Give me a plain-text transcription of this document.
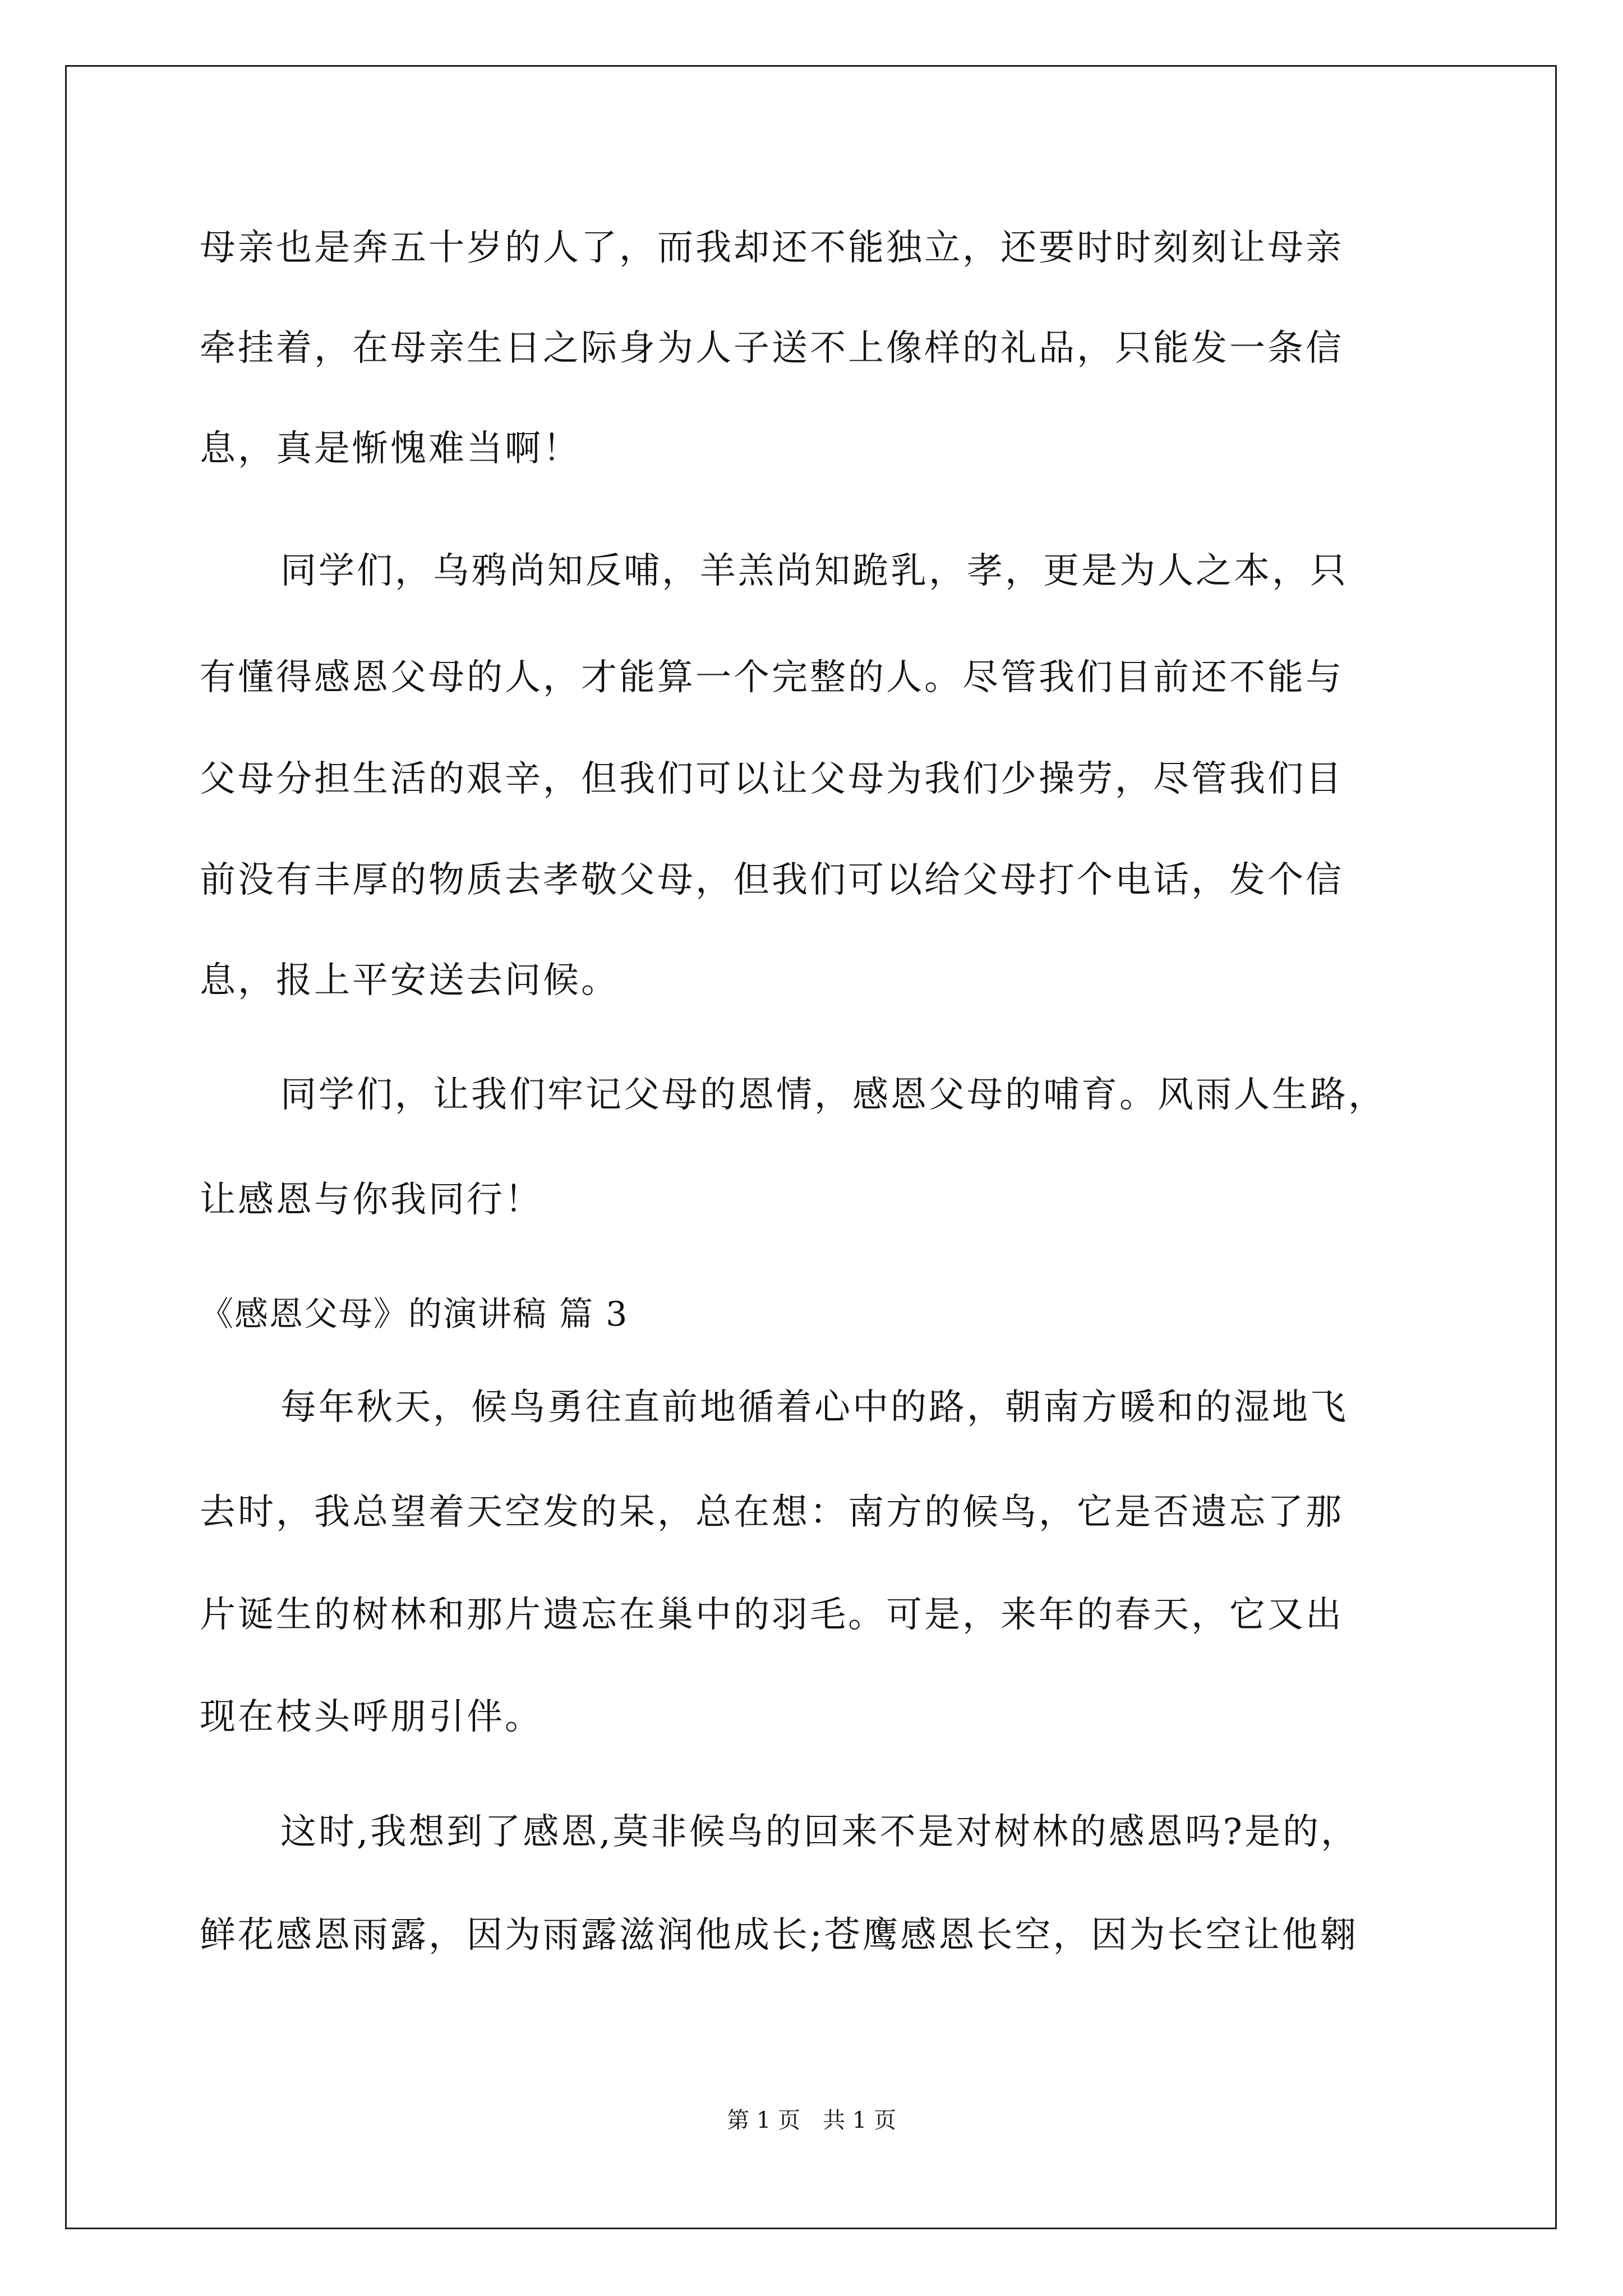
母亲也是奔五十岁的人了，而我却还不能独立，还要时时刻刻让母亲
牵挂着，在母亲生日之际身为人子送不上像样的礼品，只能发一条信
息，真是惭愧难当啊！
同学们，乌鸦尚知反哺，羊羔尚知跪乳，孝，更是为人之本，只
有懂得感恩父母的人，才能算一个完整的人。尽管我们目前还不能与
父母分担生活的艰辛，但我们可以让父母为我们少操劳，尽管我们目
前没有丰厚的物质去孝敬父母，但我们可以给父母打个电话，发个信
息，报上平安送去问候。
同学们，让我们牢记父母的恩情，感恩父母的哺育。风雨人生路，
让感恩与你我同行！
《感恩父母》的演讲稿 篇 3
每年秋天，候鸟勇往直前地循着心中的路，朝南方暖和的湿地飞
去时，我总望着天空发的呆，总在想：南方的候鸟，它是否遗忘了那
片诞生的树林和那片遗忘在巢中的羽毛。可是，来年的春天，它又出
现在枝头呼朋引伴。
这时,我想到了感恩,莫非候鸟的回来不是对树林的感恩吗?是的，
鲜花感恩雨露，因为雨露滋润他成长;苍鹰感恩长空，因为长空让他翱
第 1 页　共 1 页
